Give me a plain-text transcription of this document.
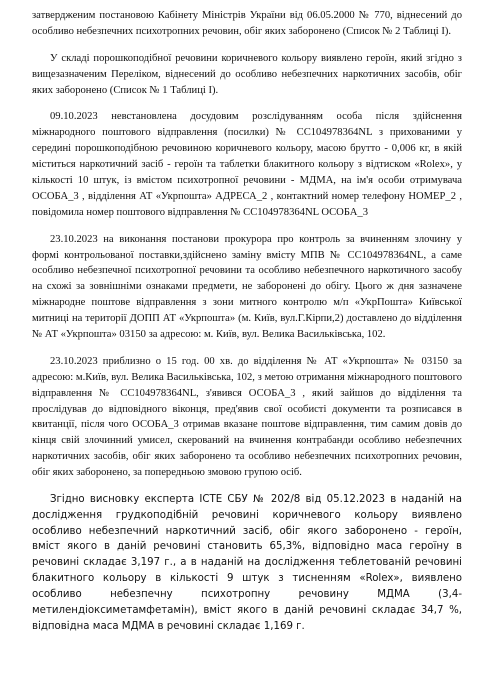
затвердженим постановою Кабінету Міністрів України від 06.05.2000 № 770, віднесений до особливо небезпечних психотропних речовин, обіг яких заборонено (Список № 2 Таблиці І).

У складі порошкоподібної речовини коричневого кольору виявлено героїн, який згідно з вищезазначеним Переліком, віднесений до особливо небезпечних наркотичних засобів, обіг яких заборонено (Список № 1 Таблиці І).

09.10.2023 невстановлена досудовим розслідуванням особа після здійснення міжнародного поштового відправлення (посилки) № CC104978364NL з прихованими у середині порошкоподібною речовиною коричневого кольору, масою брутто - 0,006 кг, в якій міститься наркотичний засіб - героїн та таблетки блакитного кольору з відтиском «Rolex», у кількості 10 штук, із вмістом психотропної речовини - МДМА, на ім'я особи отримувача ОСОБА_3 , відділення АТ «Укрпошта» АДРЕСА_2 , контактний номер телефону НОМЕР_2 , повідомила номер поштового відправлення № CC104978364NL ОСОБА_3

23.10.2023 на виконання постанови прокурора про контроль за вчиненням злочину у формі контрольованої поставки,здійснено заміну вмісту МПВ № CC104978364NL, а саме особливо небезпечної психотропної речовини та особливо небезпечного наркотичного засобу на схожі за зовнішніми ознаками предмети, не заборонені до обігу. Цього ж дня зазначене міжнародне поштове відправлення з зони митного контролю м/п «УкрПошта» Київської митниці на території ДОПП АТ «Укрпошта» (м. Київ, вул.Г.Кірпи,2) доставлено до відділення № АТ «Укрпошта» 03150 за адресою: м. Київ, вул. Велика Васильківська, 102.

23.10.2023 приблизно о 15 год. 00 хв. до відділення № АТ «Укрпошта» № 03150 за адресою: м.Київ, вул. Велика Васильківська, 102, з метою отримання міжнародного поштового відправлення № CC104978364NL, з'явився ОСОБА_3 , який зайшов до відділення та прослідував до відповідного віконця, пред'явив свої особисті документи та розписався в квитанції, після чого ОСОБА_3 отримав вказане поштове відправлення, тим самим довів до кінця свій злочинний умисел, скерований на вчинення контрабанди особливо небезпечних наркотичних засобів, обіг яких заборонено та особливо небезпечних психотропних речовин, обіг яких заборонено, за попередньою змовою групою осіб.

Згідно висновку експерта ІСТЕ СБУ № 202/8 від 05.12.2023 в наданій на дослідження грудкоподібній речовині коричневого кольору виявлено особливо небезпечний наркотичний засіб, обіг якого заборонено - героїн, вміст якого в даній речовині становить 65,3%, відповідно маса героїну в речовині складає 3,197 г., а в наданій на дослідження теблетованій речовині блакитного кольору в кількості 9 штук з тисненням «Rolex», виявлено особливо небезпечну психотропну речовину МДМА (3,4-метилендіоксиметамфетамін), вміст якого в даній речовині складає 34,7 %, відповідна маса МДМА в речовині складає 1,169 г.
